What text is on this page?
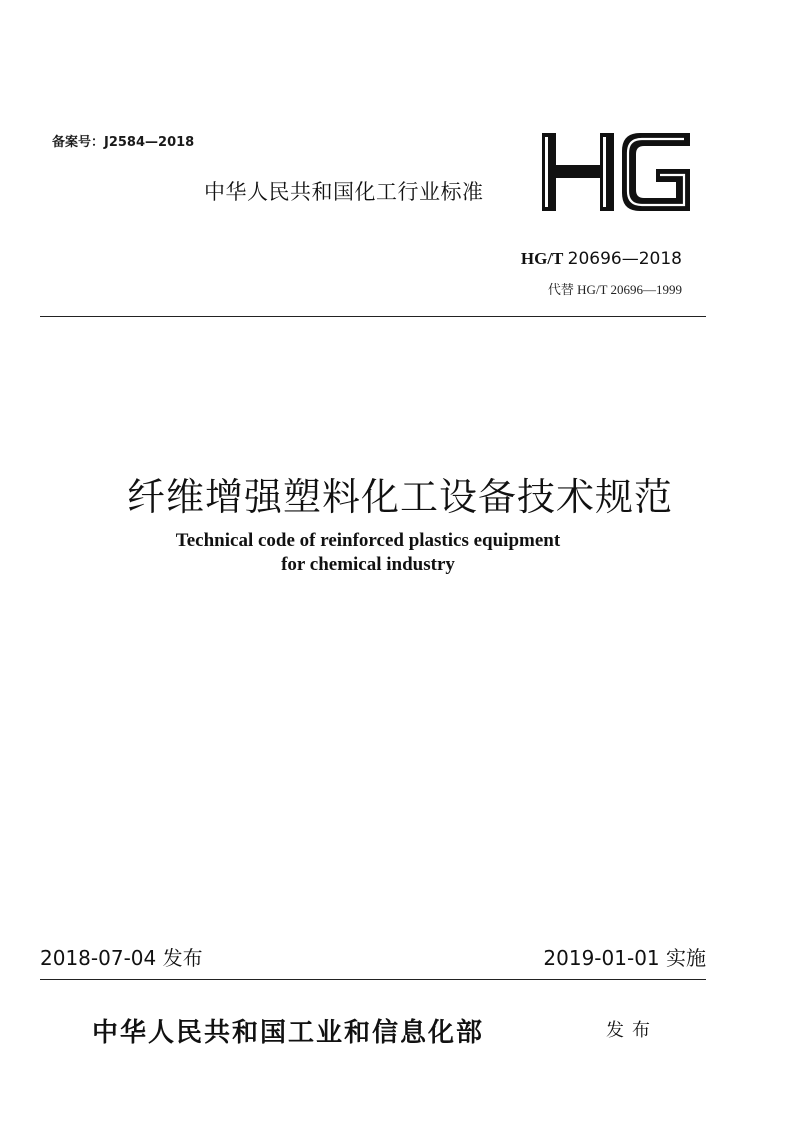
备案号：J2584—2018
中华人民共和国化工行业标准
HG/T 20696—2018
代替 HG/T 20696—1999
纤维增强塑料化工设备技术规范
Technical code of reinforced plastics equipment
for chemical industry
2018-07-04 发布	2019-01-01 实施
中华人民共和国工业和信息化部	发布
